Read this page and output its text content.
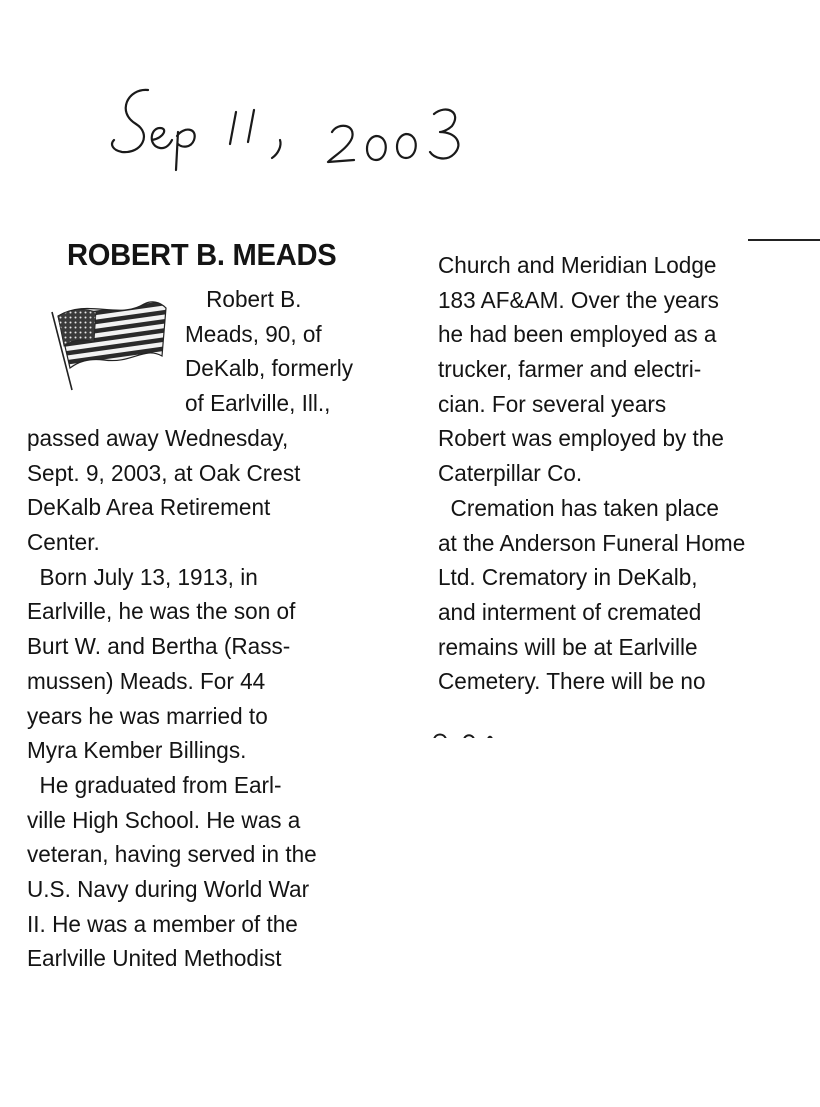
ROBERT B. MEADS
Robert B.
Meads, 90, of
DeKalb, formerly
of Earlville, Ill.,
passed away Wednesday,
Sept. 9, 2003, at Oak Crest
DeKalb Area Retirement
Center.
Born July 13, 1913, in
Earlville, he was the son of
Burt W. and Bertha (Rass-
mussen) Meads. For 44
years he was married to
Myra Kember Billings.
He graduated from Earl-
ville High School. He was a
veteran, having served in the
U.S. Navy during World War
II. He was a member of the
Earlville United Methodist
Church and Meridian Lodge
183 AF&AM. Over the years
he had been employed as a
trucker, farmer and electri-
cian. For several years
Robert was employed by the
Caterpillar Co.
Cremation has taken place
at the Anderson Funeral Home
Ltd. Crematory in DeKalb,
and interment of cremated
remains will be at Earlville
Cemetery. There will be no
